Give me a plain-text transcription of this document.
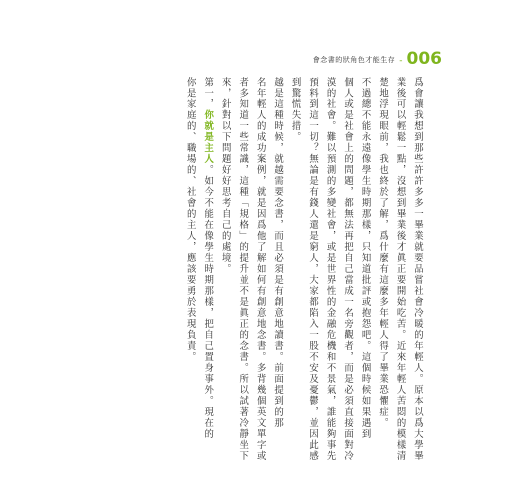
會念書的狀角色才能生存 - 006
爲會讓我想到那些許許多多一畢業就要品嘗社會冷暖的年輕人。原本以爲大學畢
業後可以輕鬆一點，沒想到畢業後才眞正要開始吃苦。近來年輕人苦悶的模樣清
楚地浮現眼前，我也終於了解，爲什麼有這麼多年輕人得了畢業恐懼症。
不過總不能永遠像學生時期那樣，只知道批評或抱怨吧。這個時候如果遇到
個人或是社會上的問題，都無法再把自己當成一名旁觀者，而是必須直接面對冷
漠的社會。難以預測的多變社會，或是世界性的金融危機和不景氣，誰能夠事先
預料到這一切？無論是有錢人還是窮人，大家都陷入一股不安及憂鬱，並因此感
到驚慌失措。
越是這種時候，就越需要念書，而且必須是有創意地讀書。前面提到的那
名年輕人的成功案例，就是因爲他了解如何有創意地念書。多背幾個英文單字或
者多知道一些常識，這種「規格」的提升並不是眞正的念書。所以試著冷靜坐下
來，針對以下問題好好思考自己的處境。
第一，你就是主人。如今不能在像學生時期那樣，把自己置身事外。現在的
你是家庭的、職場的、社會的主人，應該要勇於表現負責。
